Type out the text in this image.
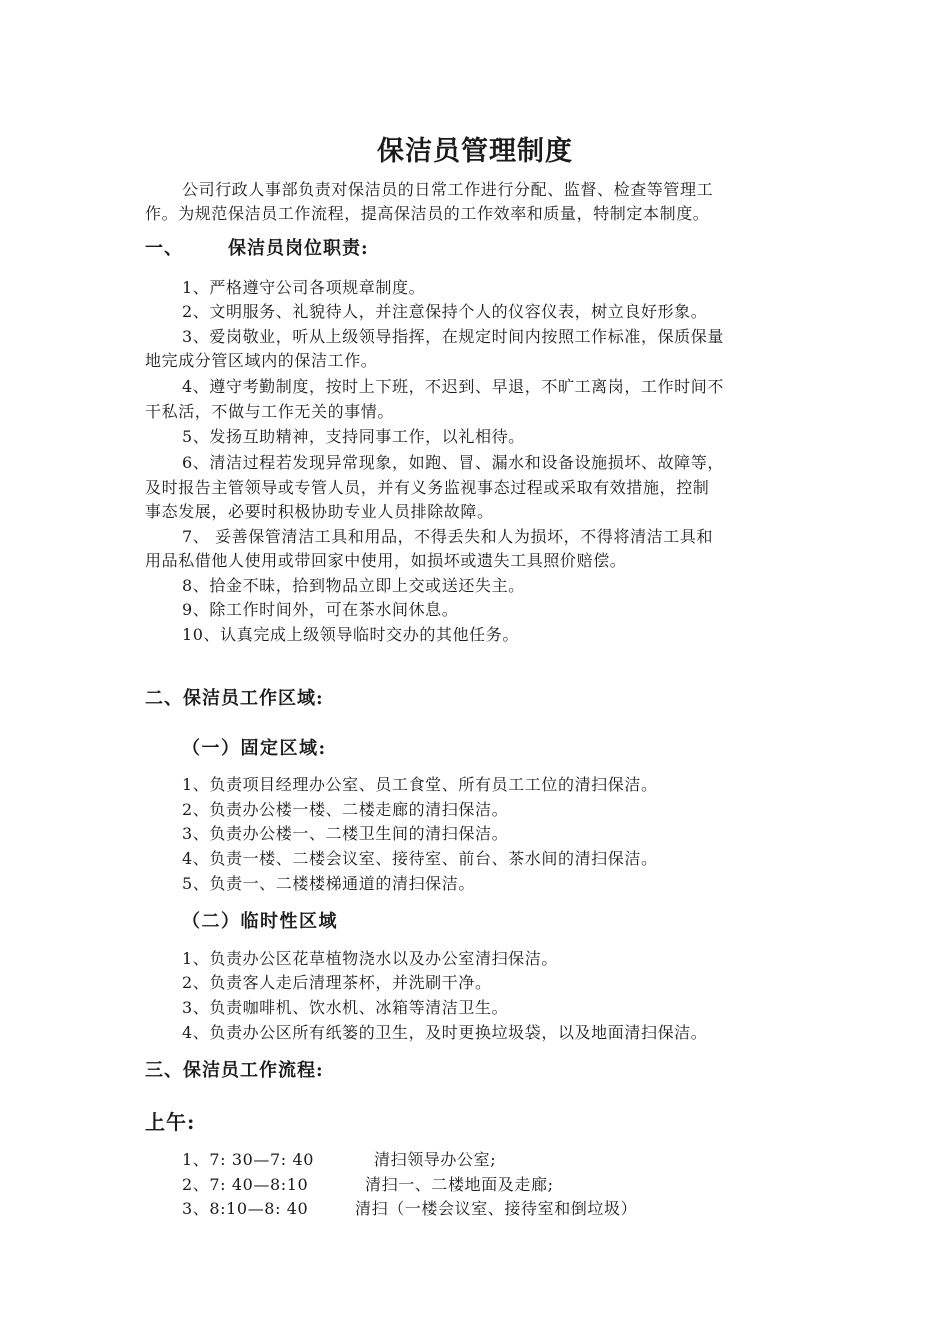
保洁员管理制度
公司行政人事部负责对保洁员的日常工作进行分配、监督、检查等管理工
作。为规范保洁员工作流程，提高保洁员的工作效率和质量，特制定本制度。
一、	保洁员岗位职责:
1、严格遵守公司各项规章制度。
2、文明服务、礼貌待人，并注意保持个人的仪容仪表，树立良好形象。
3、爱岗敬业，听从上级领导指挥，在规定时间内按照工作标准，保质保量
地完成分管区域内的保洁工作。
4、遵守考勤制度，按时上下班，不迟到、早退，不旷工离岗，工作时间不
干私活，不做与工作无关的事情。
5、发扬互助精神，支持同事工作，以礼相待。
6、清洁过程若发现异常现象，如跑、冒、漏水和设备设施损坏、故障等，
及时报告主管领导或专管人员，并有义务监视事态过程或采取有效措施，控制
事态发展，必要时积极协助专业人员排除故障。
7、 妥善保管清洁工具和用品，不得丢失和人为损坏，不得将清洁工具和
用品私借他人使用或带回家中使用，如损坏或遗失工具照价赔偿。
8、拾金不昧，拾到物品立即上交或送还失主。
9、除工作时间外，可在茶水间休息。
10、认真完成上级领导临时交办的其他任务。
二、保洁员工作区域:
（一）固定区域:
1、负责项目经理办公室、员工食堂、所有员工工位的清扫保洁。
2、负责办公楼一楼、二楼走廊的清扫保洁。
3、负责办公楼一、二楼卫生间的清扫保洁。
4、负责一楼、二楼会议室、接待室、前台、茶水间的清扫保洁。
5、负责一、二楼楼梯通道的清扫保洁。
（二）临时性区域
1、负责办公区花草植物浇水以及办公室清扫保洁。
2、负责客人走后清理茶杯，并洗刷干净。
3、负责咖啡机、饮水机、冰箱等清洁卫生。
4、负责办公区所有纸篓的卫生，及时更换垃圾袋，以及地面清扫保洁。
三、保洁员工作流程:
上午:
1、7: 30—7: 40	清扫领导办公室;
2、7: 40—8:10	清扫一、二楼地面及走廊;
3、8:10—8: 40	清扫（一楼会议室、接待室和倒垃圾）
